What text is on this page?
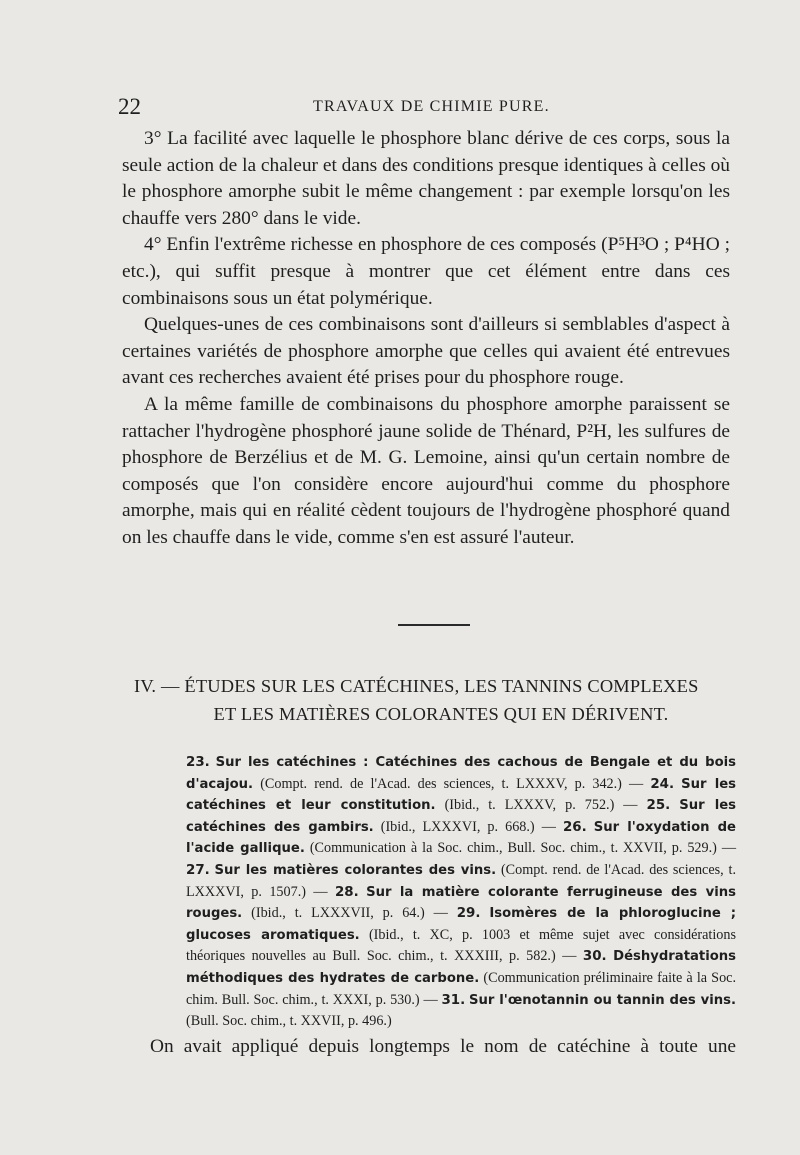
22	TRAVAUX DE CHIMIE PURE.

3° La facilité avec laquelle le phosphore blanc dérive de ces corps, sous la seule action de la chaleur et dans des conditions presque identiques à celles où le phosphore amorphe subit le même changement : par exemple lorsqu'on les chauffe vers 280° dans le vide.

4° Enfin l'extrême richesse en phosphore de ces composés (P⁵H³O ; P⁴HO ; etc.), qui suffit presque à montrer que cet élément entre dans ces combinaisons sous un état polymérique.

Quelques-unes de ces combinaisons sont d'ailleurs si semblables d'aspect à certaines variétés de phosphore amorphe que celles qui avaient été entrevues avant ces recherches avaient été prises pour du phosphore rouge.

A la même famille de combinaisons du phosphore amorphe paraissent se rattacher l'hydrogène phosphoré jaune solide de Thénard, P²H, les sulfures de phosphore de Berzélius et de M. G. Lemoine, ainsi qu'un certain nombre de composés que l'on considère encore aujourd'hui comme du phosphore amorphe, mais qui en réalité cèdent toujours de l'hydrogène phosphoré quand on les chauffe dans le vide, comme s'en est assuré l'auteur.

IV. — ÉTUDES SUR LES CATÉCHINES, LES TANNINS COMPLEXES
ET LES MATIÈRES COLORANTES QUI EN DÉRIVENT.
23. Sur les catéchines : Catéchines des cachous de Bengale et du bois d'acajou. (Compt. rend. de l'Acad. des sciences, t. LXXXV, p. 342.) — 24. Sur les catéchines et leur constitution. (Ibid., t. LXXXV, p. 752.) — 25. Sur les catéchines des gambirs. (Ibid., LXXXVI, p. 668.) — 26. Sur l'oxydation de l'acide gallique. (Communication à la Soc. chim., Bull. Soc. chim., t. XXVII, p. 529.) — 27. Sur les matières colorantes des vins. (Compt. rend. de l'Acad. des sciences, t. LXXXVI, p. 1507.) — 28. Sur la matière colorante ferrugineuse des vins rouges. (Ibid., t. LXXXVII, p. 64.) — 29. Isomères de la phloroglucine ; glucoses aromatiques. (Ibid., t. XC, p. 1003 et même sujet avec considérations théoriques nouvelles au Bull. Soc. chim., t. XXXIII, p. 582.) — 30. Déshydratations méthodiques des hydrates de carbone. (Communication préliminaire faite à la Soc. chim. Bull. Soc. chim., t. XXXI, p. 530.) — 31. Sur l'œnotannin ou tannin des vins. (Bull. Soc. chim., t. XXVII, p. 496.)
On avait appliqué depuis longtemps le nom de catéchine à toute une
